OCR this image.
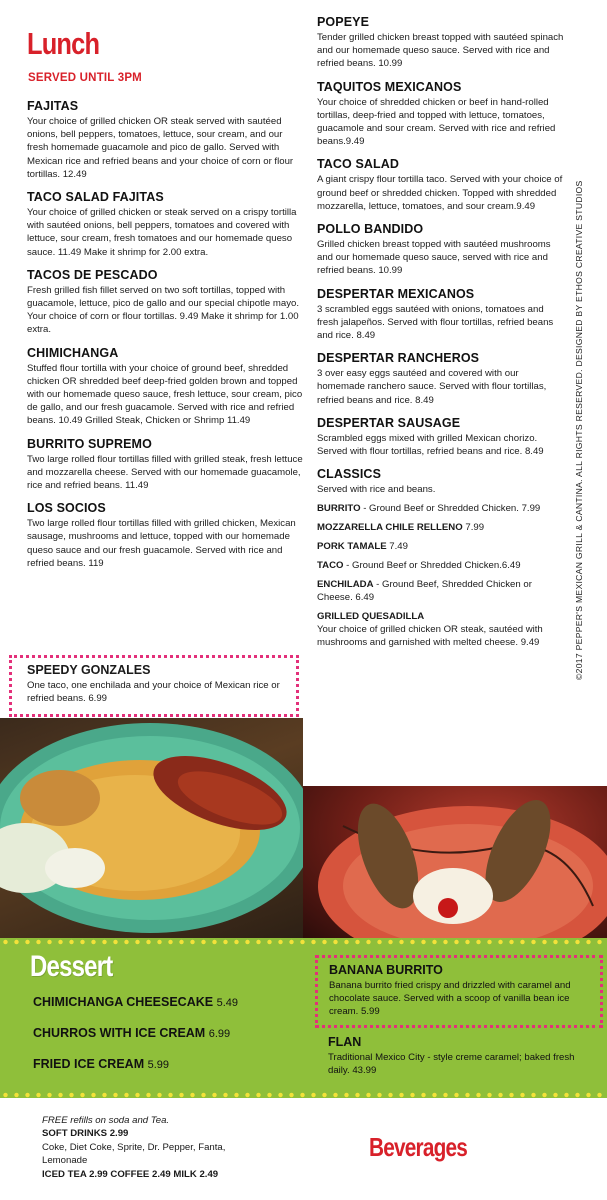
Lunch
SERVED UNTIL 3PM
FAJITAS

Your choice of grilled chicken OR steak served with sautéed onions, bell peppers, tomatoes, lettuce, sour cream, and our fresh homemade guacamole and pico de gallo. Served with Mexican rice and refried beans and your choice of corn or flour tortillas. 12.49

TACO SALAD FAJITAS

Your choice of grilled chicken or steak served on a crispy tortilla with sautéed onions, bell peppers, tomatoes and covered with lettuce, sour cream, fresh tomatoes and our homemade queso sauce. 11.49 Make it shrimp for 2.00 extra.

TACOS DE PESCADO

Fresh grilled fish fillet served on two soft tortillas, topped with guacamole, lettuce, pico de gallo and our special chipotle mayo. Your choice of corn or flour tortillas. 9.49 Make it shrimp for 1.00 extra.

CHIMICHANGA

Stuffed flour tortilla with your choice of ground beef, shredded chicken OR shredded beef deep-fried golden brown and topped with our homemade queso sauce, fresh lettuce, sour cream, pico de gallo, and our fresh guacamole. Served with rice and refried beans. 10.49 Grilled Steak, Chicken or Shrimp 11.49

BURRITO SUPREMO

Two large rolled flour tortillas filled with grilled steak, fresh lettuce and mozzarella cheese. Served with our homemade guacamole, rice and refried beans. 11.49

LOS SOCIOS

Two large rolled flour tortillas filled with grilled chicken, Mexican sausage, mushrooms and lettuce, topped with our homemade queso sauce and our fresh guacamole. Served with rice and refried beans. 119

SPEEDY GONZALES

One taco, one enchilada and your choice of Mexican rice or refried beans. 6.99

POPEYE

Tender grilled chicken breast topped with sautéed spinach and our homemade queso sauce. Served with rice and refried beans. 10.99

TAQUITOS MEXICANOS

Your choice of shredded chicken or beef in hand-rolled tortillas, deep-fried and topped with lettuce, tomatoes, guacamole and sour cream. Served with rice and refried beans.9.49

TACO SALAD

A giant crispy flour tortilla taco. Served with your choice of ground beef or shredded chicken. Topped with shredded mozzarella, lettuce, tomatoes, and sour cream.9.49

POLLO BANDIDO

Grilled chicken breast topped with sautéed mushrooms and our homemade queso sauce, served with rice and refried beans. 10.99

DESPERTAR MEXICANOS

3 scrambled eggs sautéed with onions, tomatoes and fresh jalapeños. Served with flour tortillas, refried beans and rice. 8.49

DESPERTAR RANCHEROS

3 over easy eggs sautéed and covered with our homemade ranchero sauce. Served with flour tortillas, refried beans and rice. 8.49

DESPERTAR SAUSAGE

Scrambled eggs mixed with grilled Mexican chorizo. Served with flour tortillas, refried beans and rice. 8.49

CLASSICS
Served with rice and beans.
BURRITO - Ground Beef or Shredded Chicken. 7.99
MOZZARELLA CHILE RELLENO 7.99
PORK TAMALE 7.49
TACO - Ground Beef or Shredded Chicken.6.49
ENCHILADA - Ground Beef, Shredded Chicken or Cheese. 6.49
GRILLED QUESADILLA

Your choice of grilled chicken OR steak, sautéed with mushrooms and garnished with melted cheese. 9.49	©2017 PEPPER'S MEXICAN GRILL & CANTINA. ALL RIGHTS RESERVED. DESIGNED BY ETHOS CREATIVE STUDIOS
Dessert
CHIMICHANGA CHEESECAKE 5.49
CHURROS WITH ICE CREAM 6.99
FRIED ICE CREAM 5.99
BANANA BURRITO

Banana burrito fried crispy and drizzled with caramel and chocolate sauce. Served with a scoop of vanilla bean ice cream. 5.99

FLAN

Traditional Mexico City - style creme caramel; baked fresh daily. 43.99

FREE refills on soda and Tea.
SOFT DRINKS 2.99
Coke, Diet Coke, Sprite, Dr. Pepper, Fanta, Lemonade
ICED TEA 2.99 COFFEE 2.49 MILK 2.49
Beverages
